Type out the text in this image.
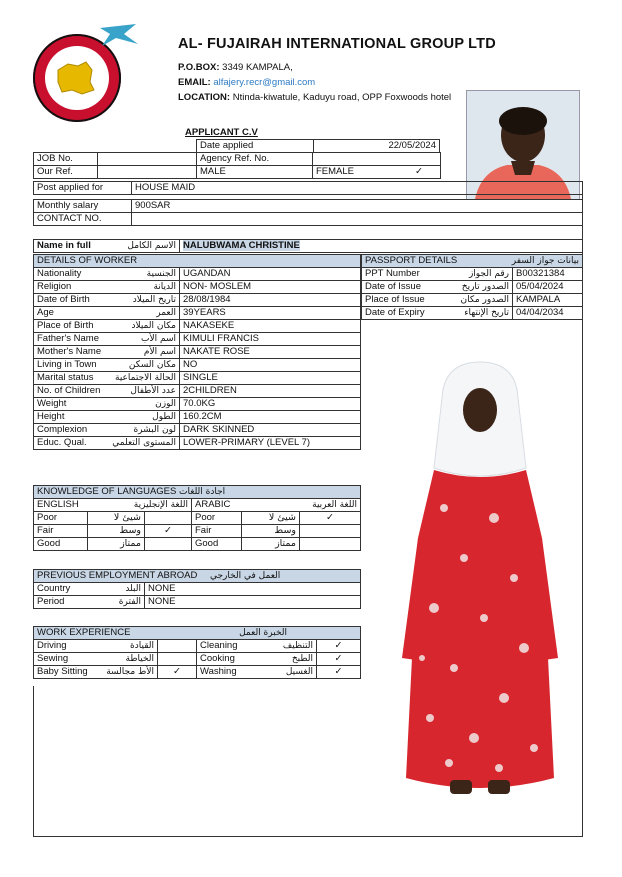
AL- FUJAIRAH INTERNATIONAL GROUP LTD
P.O.BOX: 3349 KAMPALA,
EMAIL: alfajery.recr@gmail.com
LOCATION: Ntinda-kiwatule, Kaduyu road, OPP Foxwoods hotel
APPLICANT C.V
Date applied	22/05/2024
JOB No.		Agency Ref. No.	
Our Ref.		MALE	FEMALE ✓
Post applied for	HOUSE MAID
Monthly salary	900SAR
CONTACT NO.	
Name in full	الاسم الكامل	NALUBWAMA CHRISTINE
DETAILS OF WORKER	

Nationality الجنسية	UGANDAN

Religion الديانة	NON- MOSLEM

Date of Birth تاريخ الميلاد	28/08/1984

Age العمر	39YEARS

Place of Birth مكان الميلاد	NAKASEKE

Father's Name اسم الأب	KIMULI FRANCIS

Mother's Name اسم الأم	NAKATE ROSE

Living in Town مكان السكن	NO

Marital status الحالة الاجتماعية	SINGLE

No. of Children عدد الأطفال	2CHILDREN

Weight الوزن	70.0KG

Height الطول	160.2CM

Complexion لون البشرة	DARK SKINNED

Educ. Qual. المستوى التعلمي	LOWER-PRIMARY (LEVEL 7)
PASSPORT DETAILS بيانات جواز السفر	

PPT Number رقم الجواز	B00321384

Date of Issue الصدور تاريخ	05/04/2024

Place of Issue الصدور مكان	KAMPALA

Date of Expiry تاريخ الإنتهاء	04/04/2034
KNOWLEDGE OF LANGUAGES اجادة اللغات					

ENGLISH اللغة الإنجليزية			ARABIC اللغة العربية		

Poor	شيئ لا		Poor	شيئ لا	✓
Fair	وسط	✓	Fair	وسط	
Good	ممتاز		Good	ممتاز	
PREVIOUS EMPLOYMENT ABROAD العمل في الخارجي	

Country البلد	NONE

Period الفترة	NONE
WORK EXPERIENCE الخبرة العمل			

Driving القيادة		Cleaning التنظيف	✓

Sewing الخياطة		Cooking الطبخ	✓

Baby Sitting الأط مجالسة	✓	Washing الغسيل	✓
